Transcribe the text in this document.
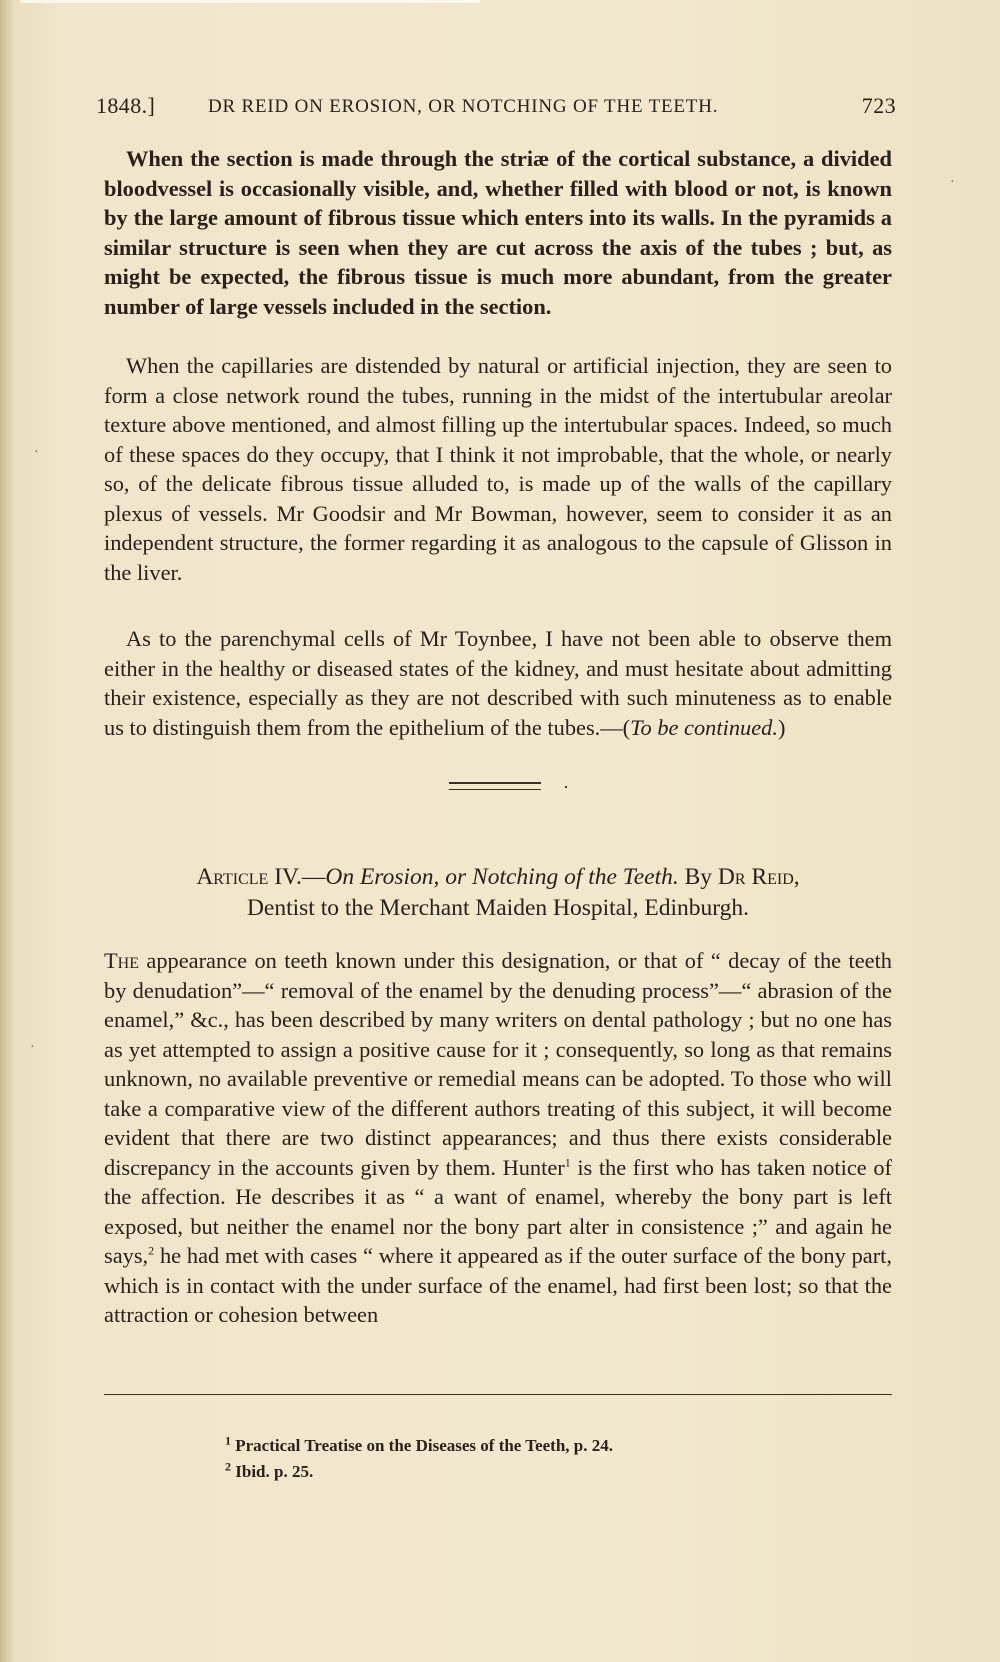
1848.]	DR REID ON EROSION, OR NOTCHING OF THE TEETH.	723

When the section is made through the striæ of the cortical substance, a divided bloodvessel is occasionally visible, and, whether filled with blood or not, is known by the large amount of fibrous tissue which enters into its walls. In the pyramids a similar structure is seen when they are cut across the axis of the tubes ; but, as might be expected, the fibrous tissue is much more abundant, from the greater number of large vessels included in the section.

When the capillaries are distended by natural or artificial injection, they are seen to form a close network round the tubes, running in the midst of the intertubular areolar texture above mentioned, and almost filling up the intertubular spaces. Indeed, so much of these spaces do they occupy, that I think it not improbable, that the whole, or nearly so, of the delicate fibrous tissue alluded to, is made up of the walls of the capillary plexus of vessels. Mr Goodsir and Mr Bowman, however, seem to consider it as an independent structure, the former regarding it as analogous to the capsule of Glisson in the liver.

As to the parenchymal cells of Mr Toynbee, I have not been able to observe them either in the healthy or diseased states of the kidney, and must hesitate about admitting their existence, especially as they are not described with such minuteness as to enable us to distinguish them from the epithelium of the tubes.—(To be continued.)

·
Article IV.—On Erosion, or Notching of the Teeth. By Dr Reid,
Dentist to the Merchant Maiden Hospital, Edinburgh.

The appearance on teeth known under this designation, or that of “ decay of the teeth by denudation”—“ removal of the enamel by the denuding process”—“ abrasion of the enamel,” &c., has been described by many writers on dental pathology ; but no one has as yet attempted to assign a positive cause for it ; consequently, so long as that remains unknown, no available preventive or remedial means can be adopted. To those who will take a comparative view of the different authors treating of this subject, it will become evident that there are two distinct appearances; and thus there exists considerable discrepancy in the accounts given by them. Hunter$^1$ is the first who has taken notice of the affection. He describes it as “ a want of enamel, whereby the bony part is left exposed, but neither the enamel nor the bony part alter in consistence ;” and again he says,$^2$ he had met with cases “ where it appeared as if the outer surface of the bony part, which is in contact with the under surface of the enamel, had first been lost; so that the attraction or cohesion between

$^1$ Practical Treatise on the Diseases of the Teeth, p. 24.
$^2$ Ibid. p. 25.
·
·
·
